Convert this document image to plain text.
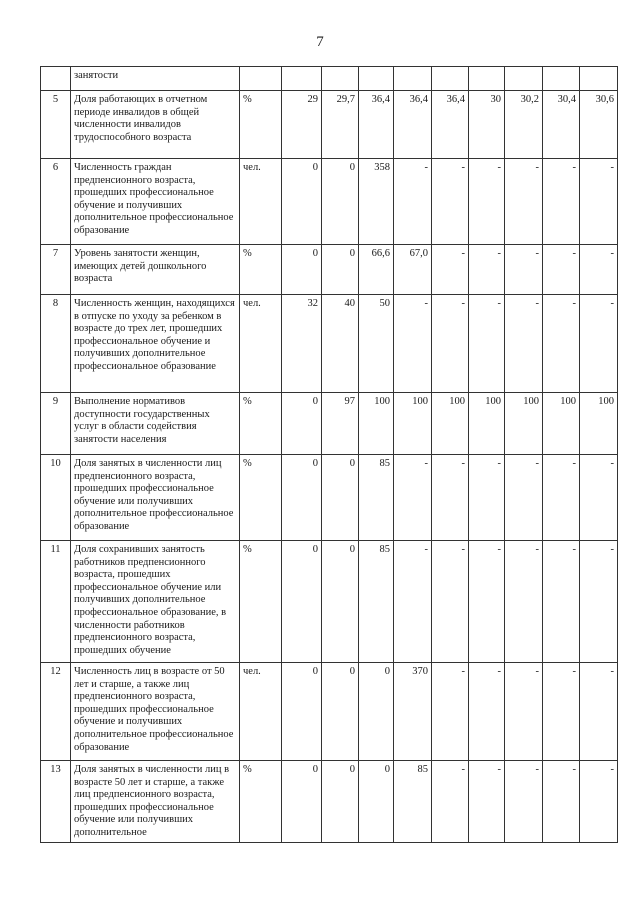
7
	занятости										
5	Доля работающих в отчетном периоде инвалидов в общей численности инвалидов трудоспособного возраста	%	29	29,7	36,4	36,4	36,4	30	30,2	30,4	30,6
6	Численность граждан предпенсионного возраста, прошедших профессиональное обучение и получивших дополнительное профессиональное образование	чел.	0	0	358	-	-	-	-	-	-
7	Уровень занятости женщин, имеющих детей дошкольного возраста	%	0	0	66,6	67,0	-	-	-	-	-
8	Численность женщин, находящихся в отпуске по уходу за ребенком в возрасте до трех лет, прошедших профессиональное обучение и получивших дополнительное профессиональное образование	чел.	32	40	50	-	-	-	-	-	-
9	Выполнение нормативов доступности государственных услуг в области содействия занятости населения	%	0	97	100	100	100	100	100	100	100
10	Доля занятых в численности лиц предпенсионного возраста, прошедших профессиональное обучение или получивших дополнительное профессиональное образование	%	0	0	85	-	-	-	-	-	-
11	Доля сохранивших занятость работников предпенсионного возраста, прошедших профессиональное обучение или получивших дополнительное профессиональное образование, в численности работников предпенсионного возраста, прошедших обучение	%	0	0	85	-	-	-	-	-	-
12	Численность лиц в возрасте от 50 лет и старше, а также лиц предпенсионного возраста, прошедших профессиональное обучение и получивших дополнительное профессиональное образование	чел.	0	0	0	370	-	-	-	-	-
13	Доля занятых в численности лиц в возрасте 50 лет и старше, а также лиц предпенсионного возраста, прошедших профессиональное обучение или получивших дополнительное	%	0	0	0	85	-	-	-	-	-
